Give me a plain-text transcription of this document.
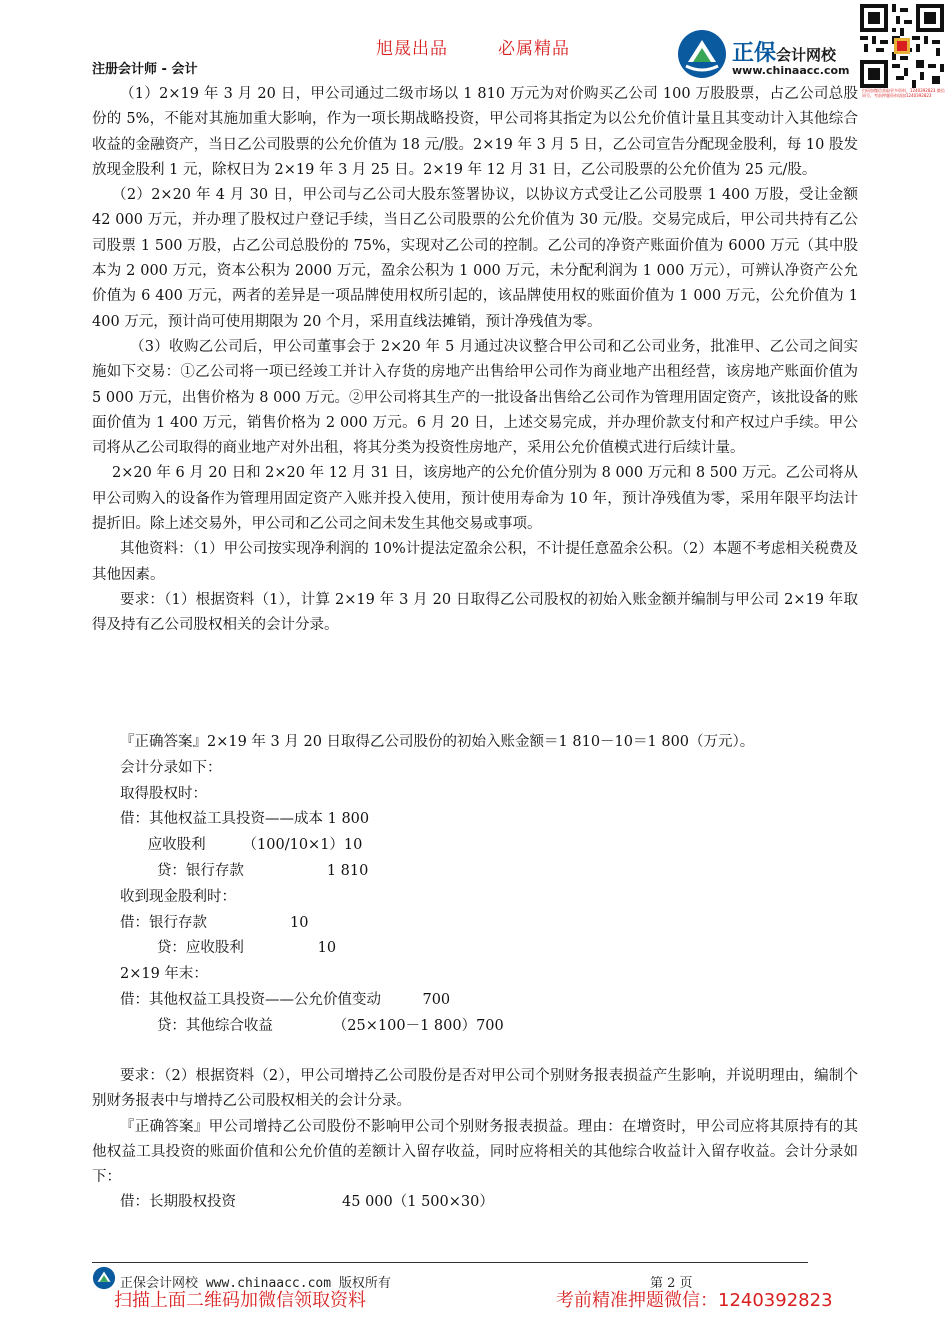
旭晟出品	必属精品
注册会计师 - 会计
正保会计网校
www.chinaacc.com
扫码加微信获取更多资料，1240392823 微信同号，考前押题资料请加1240392823

（1）2×19 年 3 月 20 日，甲公司通过二级市场以 1 810 万元为对价购买乙公司 100 万股股票，占乙公司总股份的 5%，不能对其施加重大影响，作为一项长期战略投资，甲公司将其指定为以公允价值计量且其变动计入其他综合收益的金融资产，当日乙公司股票的公允价值为 18 元/股。2×19 年 3 月 5 日，乙公司宣告分配现金股利，每 10 股发放现金股利 1 元，除权日为 2×19 年 3 月 25 日。2×19 年 12 月 31 日，乙公司股票的公允价值为 25 元/股。

（2）2×20 年 4 月 30 日，甲公司与乙公司大股东签署协议，以协议方式受让乙公司股票 1 400 万股，受让金额 42 000 万元，并办理了股权过户登记手续，当日乙公司股票的公允价值为 30 元/股。交易完成后，甲公司共持有乙公司股票 1 500 万股，占乙公司总股份的 75%，实现对乙公司的控制。乙公司的净资产账面价值为 6000 万元（其中股本为 2 000 万元，资本公积为 2000 万元，盈余公积为 1 000 万元，未分配利润为 1 000 万元），可辨认净资产公允价值为 6 400 万元，两者的差异是一项品牌使用权所引起的，该品牌使用权的账面价值为 1 000 万元，公允价值为 1 400 万元，预计尚可使用期限为 20 个月，采用直线法摊销，预计净残值为零。

（3）收购乙公司后，甲公司董事会于 2×20 年 5 月通过决议整合甲公司和乙公司业务，批准甲、乙公司之间实施如下交易：①乙公司将一项已经竣工并计入存货的房地产出售给甲公司作为商业地产出租经营，该房地产账面价值为 5 000 万元，出售价格为 8 000 万元。②甲公司将其生产的一批设备出售给乙公司作为管理用固定资产，该批设备的账面价值为 1 400 万元，销售价格为 2 000 万元。6 月 20 日，上述交易完成，并办理价款支付和产权过户手续。甲公司将从乙公司取得的商业地产对外出租，将其分类为投资性房地产，采用公允价值模式进行后续计量。

2×20 年 6 月 20 日和 2×20 年 12 月 31 日，该房地产的公允价值分别为 8 000 万元和 8 500 万元。乙公司将从甲公司购入的设备作为管理用固定资产入账并投入使用，预计使用寿命为 10 年，预计净残值为零，采用年限平均法计提折旧。除上述交易外，甲公司和乙公司之间未发生其他交易或事项。

其他资料：（1）甲公司按实现净利润的 10%计提法定盈余公积，不计提任意盈余公积。（2）本题不考虑相关税费及其他因素。

要求：（1）根据资料（1），计算 2×19 年 3 月 20 日取得乙公司股权的初始入账金额并编制与甲公司 2×19 年取得及持有乙公司股权相关的会计分录。

『正确答案』2×19 年 3 月 20 日取得乙公司股份的初始入账金额＝1 810－10＝1 800（万元）。
会计分录如下：
取得股权时：
借：其他权益工具投资——成本 1 800
应收股利        （100/10×1）10
贷：银行存款                  1 810
收到现金股利时：
借：银行存款                  10
贷：应收股利                10
2×19 年末：
借：其他权益工具投资——公允价值变动         700
贷：其他综合收益             （25×100－1 800）700

要求：（2）根据资料（2），甲公司增持乙公司股份是否对甲公司个别财务报表损益产生影响，并说明理由，编制个别财务报表中与增持乙公司股权相关的会计分录。

『正确答案』甲公司增持乙公司股份不影响甲公司个别财务报表损益。理由：在增资时，甲公司应将其原持有的其他权益工具投资的账面价值和公允价值的差额计入留存收益，同时应将相关的其他综合收益计入留存收益。会计分录如下：

借：长期股权投资                       45 000（1 500×30）
正保会计网校 www.chinaacc.com 版权所有	第 2 页
扫描上面二维码加微信领取资料	考前精准押题微信：1240392823
